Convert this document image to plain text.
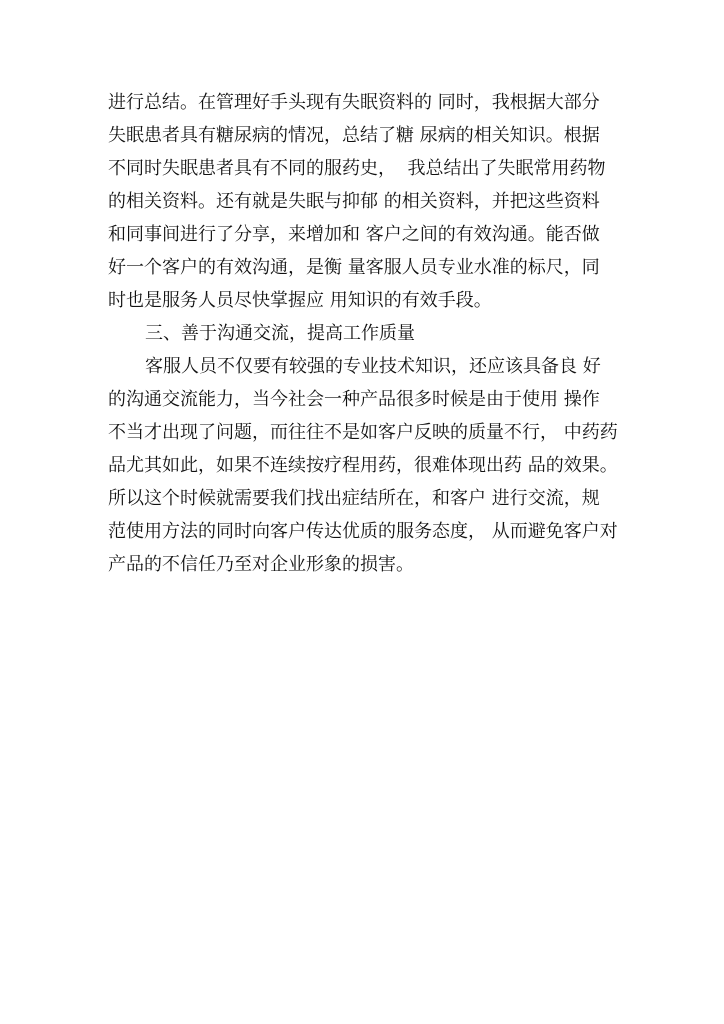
进行总结。在管理好手头现有失眠资料的 同时，我根据大部分
失眠患者具有糖尿病的情况，总结了糖 尿病的相关知识。根据
不同时失眠患者具有不同的服药史，  我总结出了失眠常用药物
的相关资料。还有就是失眠与抑郁 的相关资料，并把这些资料
和同事间进行了分享，来增加和 客户之间的有效沟通。能否做
好一个客户的有效沟通，是衡 量客服人员专业水准的标尺，同
时也是服务人员尽快掌握应 用知识的有效手段。
三、善于沟通交流，提高工作质量
客服人员不仅要有较强的专业技术知识，还应该具备良 好
的沟通交流能力，当今社会一种产品很多时候是由于使用 操作
不当才出现了问题，而往往不是如客户反映的质量不行， 中药药
品尤其如此，如果不连续按疗程用药，很难体现出药 品的效果。
所以这个时候就需要我们找出症结所在，和客户 进行交流，规
范使用方法的同时向客户传达优质的服务态度， 从而避免客户对
产品的不信任乃至对企业形象的损害。
